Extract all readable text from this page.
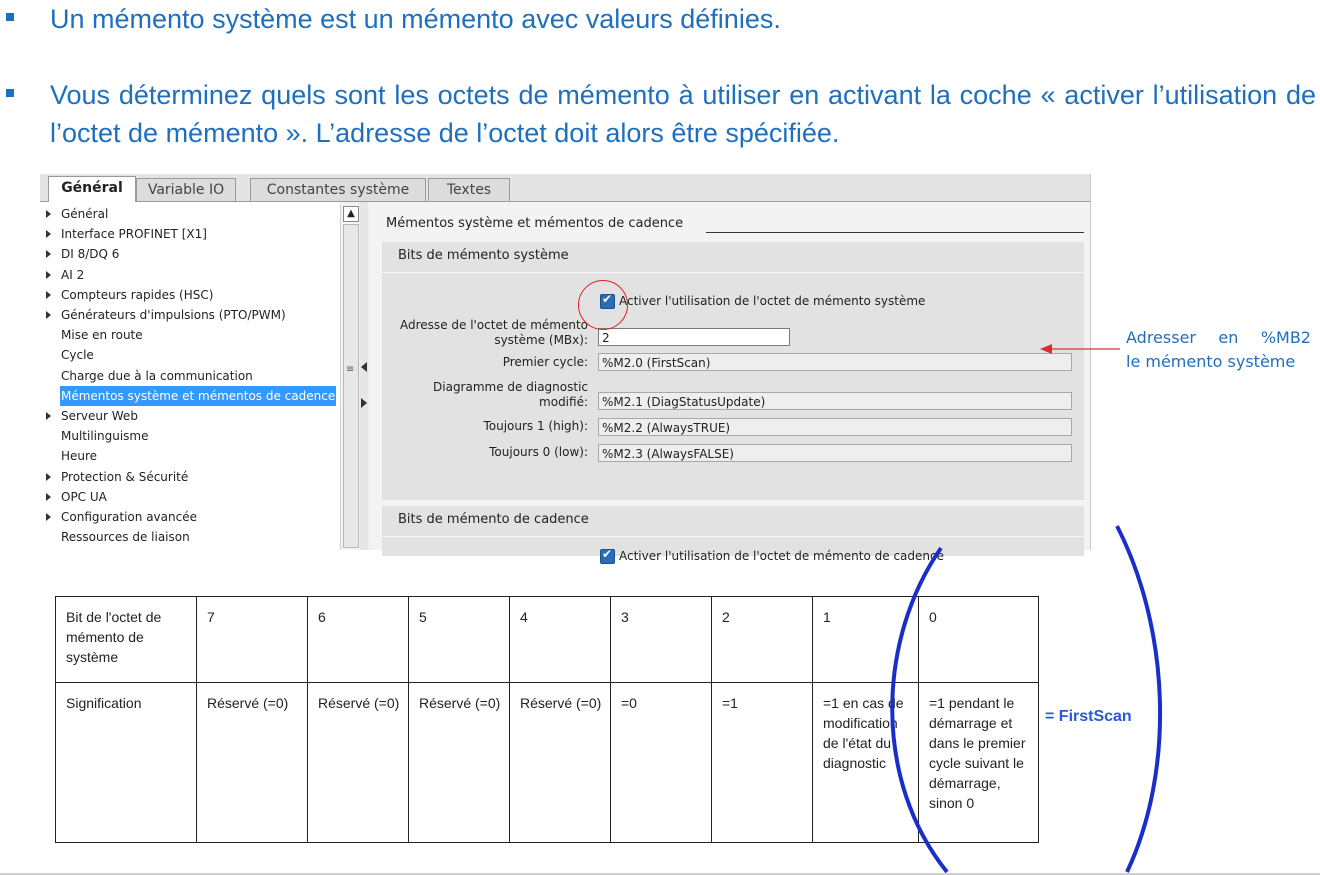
Un mémento système est un mémento avec valeurs définies.
Vous déterminez quels sont les octets de mémento à utiliser en activant la coche « activer l’utilisation de l’octet de mémento ». L’adresse de l’octet doit alors être spécifiée.
Général	Variable IO	Constantes système	Textes
Général
Interface PROFINET [X1]
DI 8/DQ 6
AI 2
Compteurs rapides (HSC)
Générateurs d'impulsions (PTO/PWM)
Mise en route
Cycle
Charge due à la communication
Mémentos système et mémentos de cadence
Serveur Web
Multilinguisme
Heure
Protection & Sécurité
OPC UA
Configuration avancée
Ressources de liaison
▲
≡
Mémentos système et mémentos de cadence
Bits de mémento système
✔
Activer l'utilisation de l'octet de mémento système
Adresse de l'octet de mémento
système (MBx):	2
Premier cycle:	%M2.0 (FirstScan)
Diagramme de diagnostic
modifié:	%M2.1 (DiagStatusUpdate)
Toujours 1 (high):	%M2.2 (AlwaysTRUE)
Toujours 0 (low):	%M2.3 (AlwaysFALSE)
Bits de mémento de cadence
✔
Activer l'utilisation de l'octet de mémento de cadence
Adresser en %MB2
le mémento système
Bit de l'octet de mémento de système	7	6	5	4	3	2	1	0
Signification	Réservé (=0)	Réservé (=0)	Réservé (=0)	Réservé (=0)	=0	=1	=1 en cas de modification de l'état du diagnostic	=1 pendant le démarrage et dans le premier cycle suivant le démarrage, sinon 0
= FirstScan
